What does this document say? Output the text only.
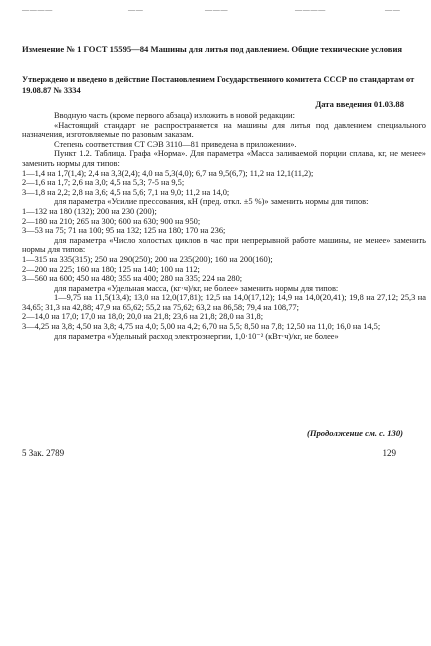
— — — —	— —	— — —	— — — —	— —
Изменение № 1 ГОСТ 15595—84 Машины для литья под давлением. Общие технические условия
Утверждено и введено в действие Постановлением Государственного комитета СССР по стандартам от 19.08.87 № 3334
Дата введения 01.03.88

Вводную часть (кроме первого абзаца) изложить в новой редакции:

«Настоящий стандарт не распространяется на машины для литья под давлением специального назначения, изготовляемые по разовым заказам.

Степень соответствия СТ СЭВ 3110—81 приведена в приложении».

Пункт 1.2. Таблица. Графа «Норма». Для параметра «Масса заливаемой порции сплава, кг, не менее» заменить нормы для типов:

1—1,4 на 1,7(1,4); 2,4 на 3,3(2,4); 4,0 на 5,3(4,0); 6,7 на 9,5(6,7); 11,2 на 12,1(11,2);

2—1,6 на 1,7; 2,6 на 3,0; 4,5 на 5,3; 7-5 на 9,5;

3—1,8 на 2,2; 2,8 на 3,6; 4,5 на 5,6; 7,1 на 9,0; 11,2 на 14,0;

для параметра «Усилие прессования, кН (пред. откл. ±5 %)» заменить нормы для типов:

1—132 на 180 (132); 200 на 230 (200);

2—180 на 210; 265 на 300; 600 на 630; 900 на 950;

3—53 на 75; 71 на 100; 95 на 132; 125 на 180; 170 на 236;

для параметра «Число холостых циклов в час при непрерывной работе машины, не менее» заменить нормы для типов:

1—315 на 335(315); 250 на 290(250); 200 на 235(200); 160 на 200(160);

2—200 на 225; 160 на 180; 125 на 140; 100 на 112;

3—560 на 600; 450 на 480; 355 на 400; 280 на 335; 224 на 280;

для параметра «Удельная масса, (кг·ч)/кг, не более» заменить нормы для типов:

1—9,75 на 11,5(13,4); 13,0 на 12,0(17,81); 12,5 на 14,0(17,12); 14,9 на 14,0(20,41); 19,8 на 27,12; 25,3 на 34,65; 31,3 на 42,88; 47,9 на 65,62; 55,2 на 75,62; 63,2 на 86,58; 79,4 на 108,77;

2—14,0 на 17,0; 17,0 на 18,0; 20,0 на 21,8; 23,6 на 21,8; 28,0 на 31,8;

3—4,25 на 3,8; 4,50 на 3,8; 4,75 на 4,0; 5,00 на 4,2; 6,70 на 5,5; 8,50 на 7,8; 12,50 на 11,0; 16,0 на 14,5;

для параметра «Удельный расход электроэнергии, 1,0·10⁻² (кВт·ч)/кг, не более»

(Продолжение см. с. 130)
5 Зак. 2789	129
